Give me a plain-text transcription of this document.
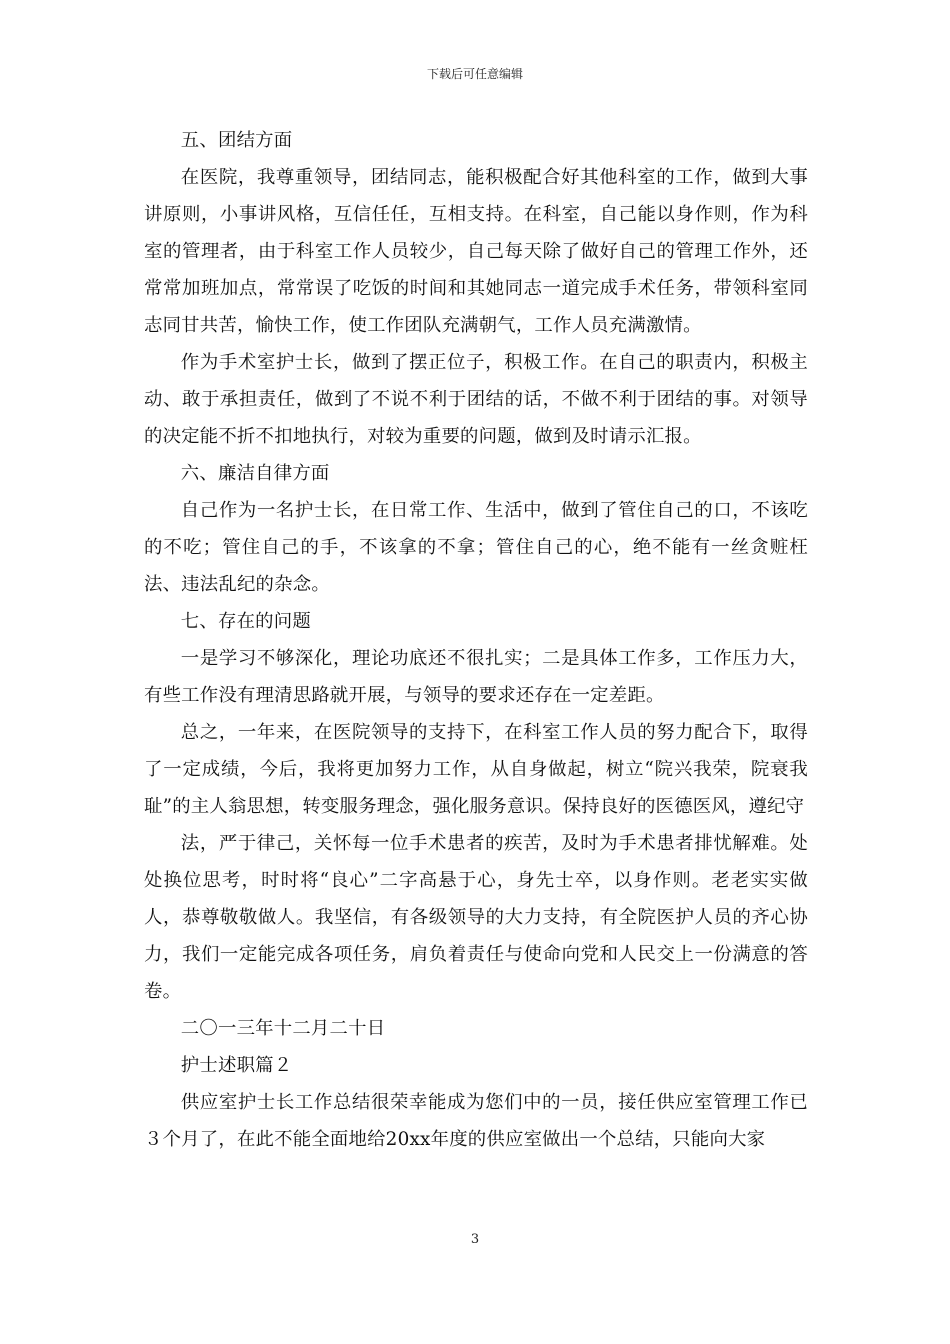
下载后可任意编辑

五、团结方面

在医院，我尊重领导，团结同志，能积极配合好其他科室的工作，做到大事讲原则，小事讲风格，互信任任，互相支持。在科室，自己能以身作则，作为科室的管理者，由于科室工作人员较少，自己每天除了做好自己的管理工作外，还常常加班加点，常常误了吃饭的时间和其她同志一道完成手术任务，带领科室同志同甘共苦，愉快工作，使工作团队充满朝气，工作人员充满激情。

作为手术室护士长，做到了摆正位子，积极工作。在自己的职责内，积极主动、敢于承担责任，做到了不说不利于团结的话，不做不利于团结的事。对领导的决定能不折不扣地执行，对较为重要的问题，做到及时请示汇报。

六、廉洁自律方面

自己作为一名护士长，在日常工作、生活中，做到了管住自己的口，不该吃的不吃；管住自己的手，不该拿的不拿；管住自己的心，绝不能有一丝贪赃枉法、违法乱纪的杂念。

七、存在的问题

一是学习不够深化，理论功底还不很扎实；二是具体工作多，工作压力大，有些工作没有理清思路就开展，与领导的要求还存在一定差距。

总之，一年来，在医院领导的支持下，在科室工作人员的努力配合下，取得了一定成绩，今后，我将更加努力工作，从自身做起，树立“院兴我荣，院衰我耻”的主人翁思想，转变服务理念，强化服务意识。保持良好的医德医风，遵纪守

法，严于律己，关怀每一位手术患者的疾苦，及时为手术患者排忧解难。处处换位思考，时时将“良心”二字高悬于心，身先士卒，以身作则。老老实实做人，恭尊敬敬做人。我坚信，有各级领导的大力支持，有全院医护人员的齐心协力，我们一定能完成各项任务，肩负着责任与使命向党和人民交上一份满意的答卷。

二〇一三年十二月二十日

护士述职篇２

供应室护士长工作总结很荣幸能成为您们中的一员，接任供应室管理工作已３个月了，在此不能全面地给20xx年度的供应室做出一个总结，只能向大家

3
